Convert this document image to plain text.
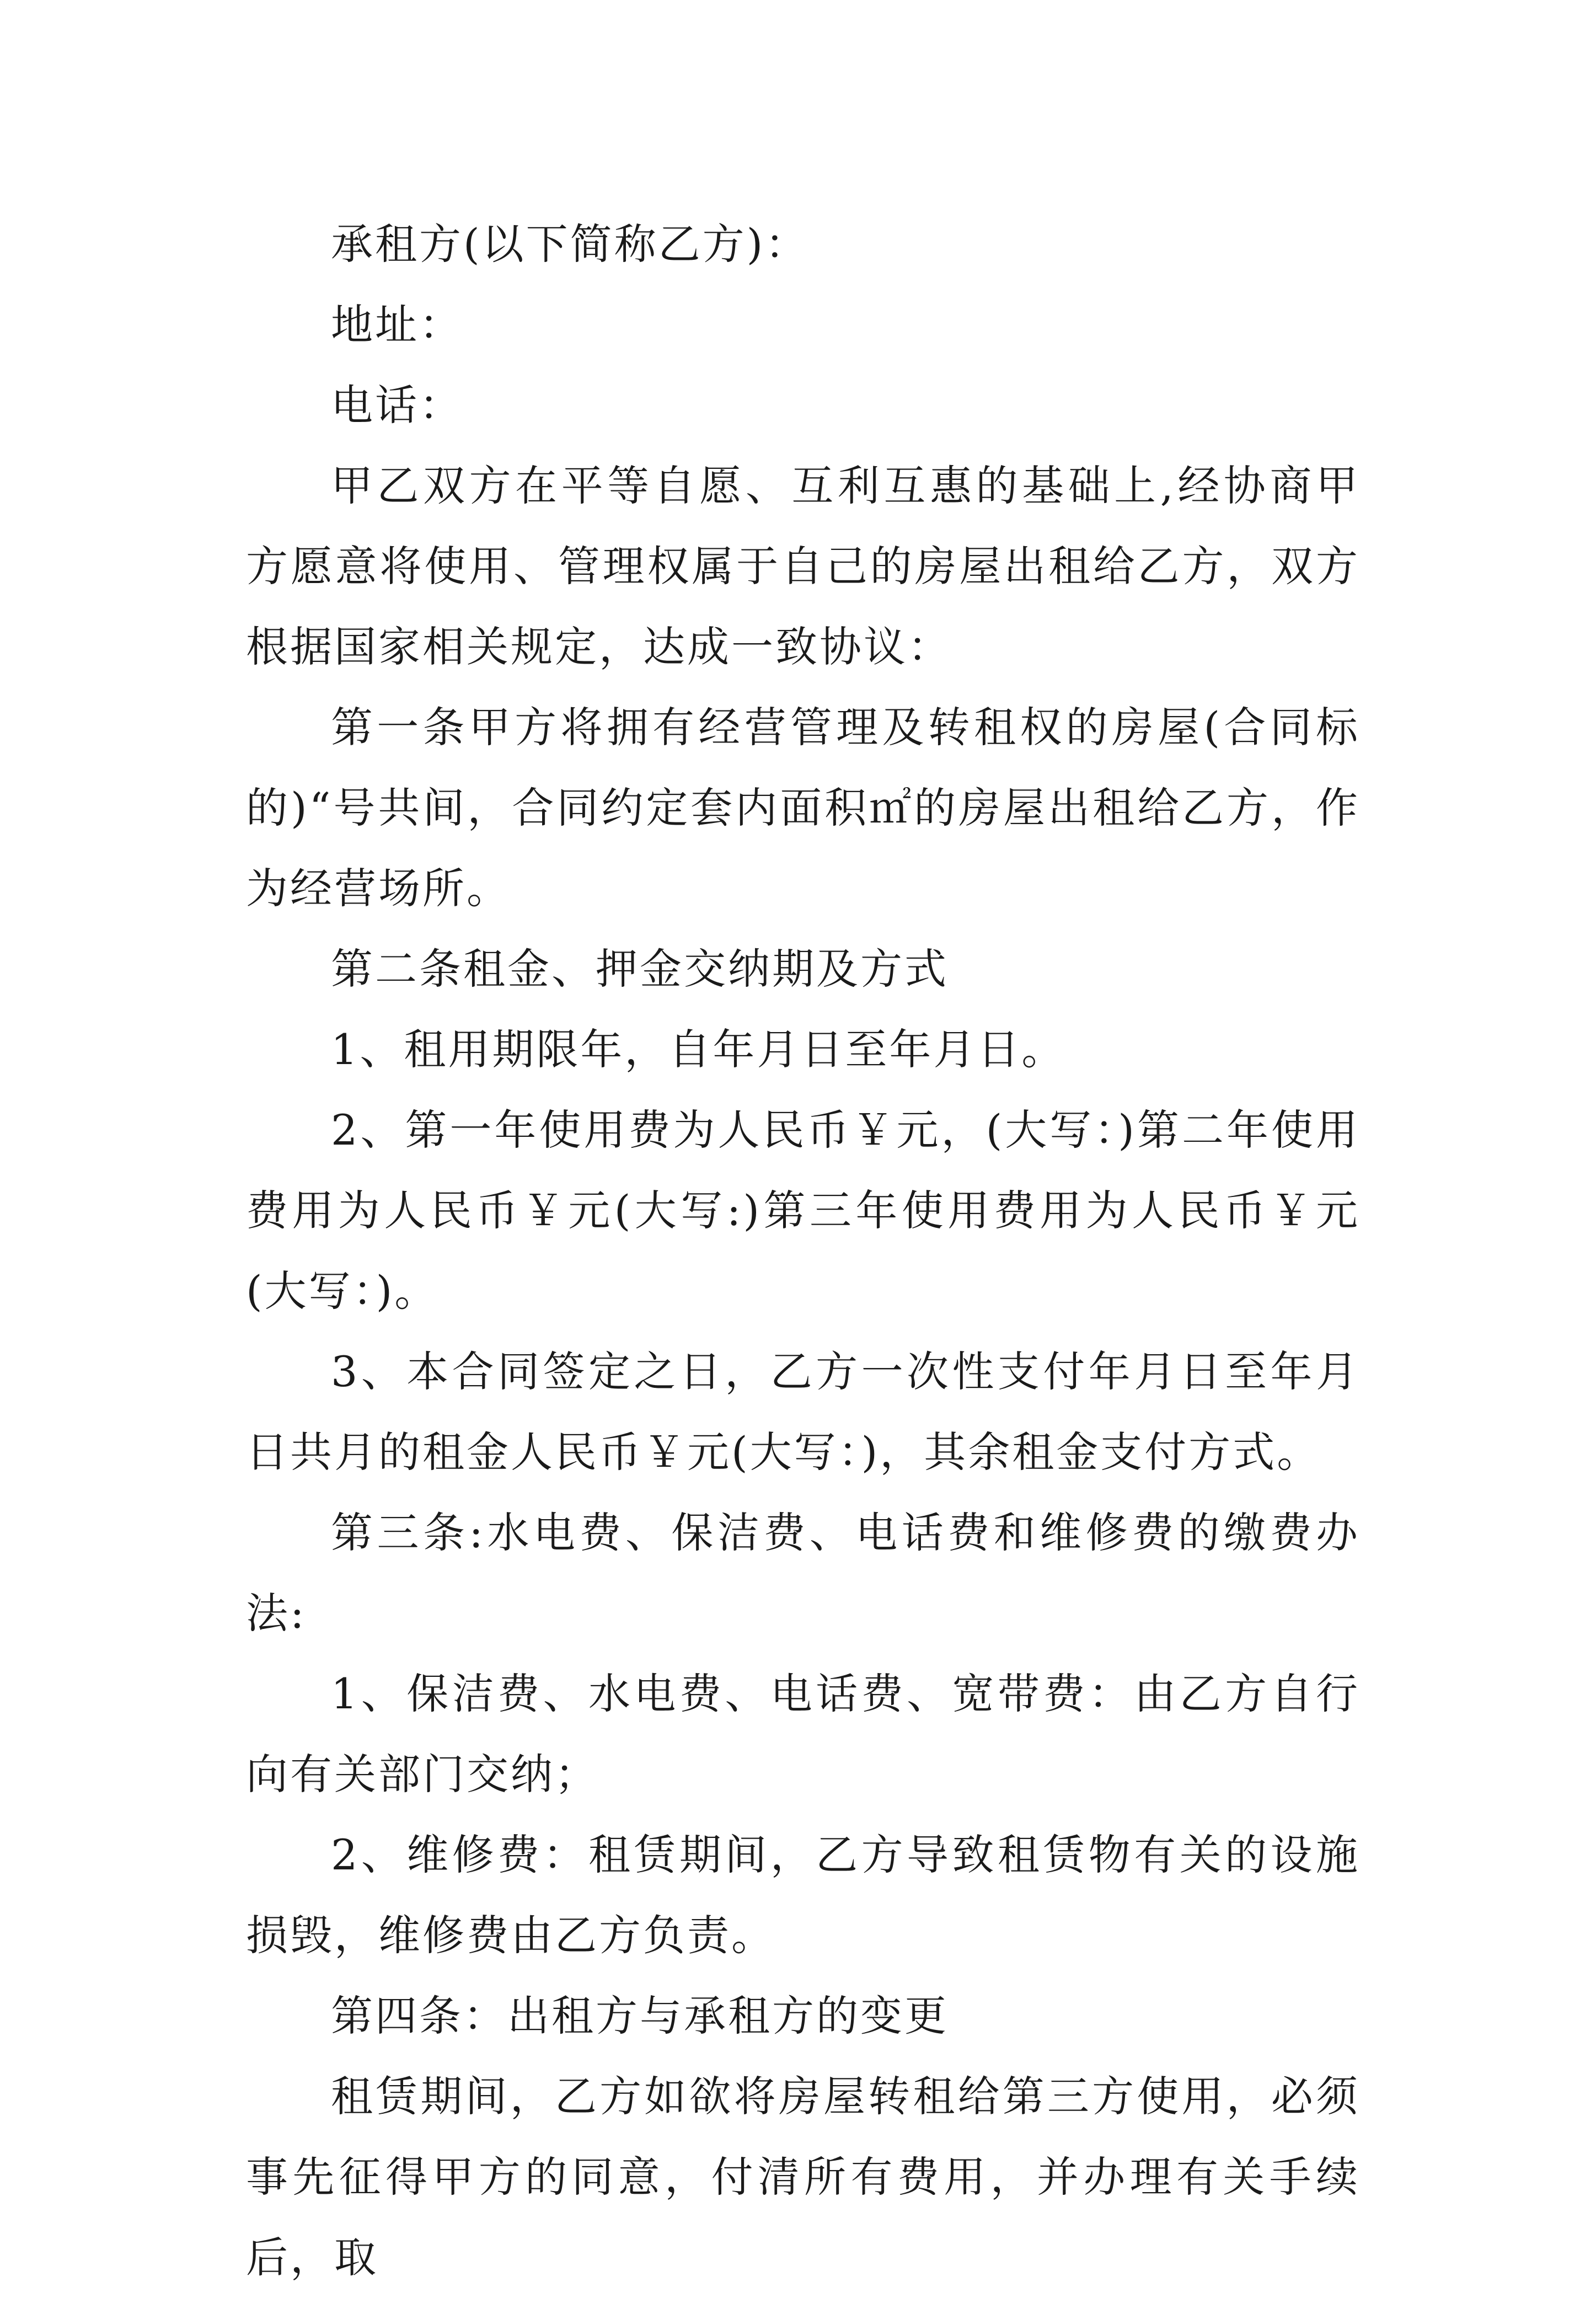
承租方(以下简称乙方)：

地址：

电话：

甲乙双方在平等自愿、互利互惠的基础上,经协商甲方愿意将使用、管理权属于自己的房屋出租给乙方，双方根据国家相关规定，达成一致协议：

第一条甲方将拥有经营管理及转租权的房屋(合同标的)“号共间，合同约定套内面积㎡的房屋出租给乙方，作为经营场所。

第二条租金、押金交纳期及方式

1、租用期限年，自年月日至年月日。

2、第一年使用费为人民币￥元，(大写：)第二年使用费用为人民币￥元(大写:)第三年使用费用为人民币￥元(大写：)。

3、本合同签定之日，乙方一次性支付年月日至年月日共月的租金人民币￥元(大写：)，其余租金支付方式。

第三条:水电费、保洁费、电话费和维修费的缴费办法:

1、保洁费、水电费、电话费、宽带费：由乙方自行向有关部门交纳；

2、维修费：租赁期间，乙方导致租赁物有关的设施损毁，维修费由乙方负责。

第四条：出租方与承租方的变更

租赁期间，乙方如欲将房屋转租给第三方使用，必须事先征得甲方的同意，付清所有费用，并办理有关手续后，取
